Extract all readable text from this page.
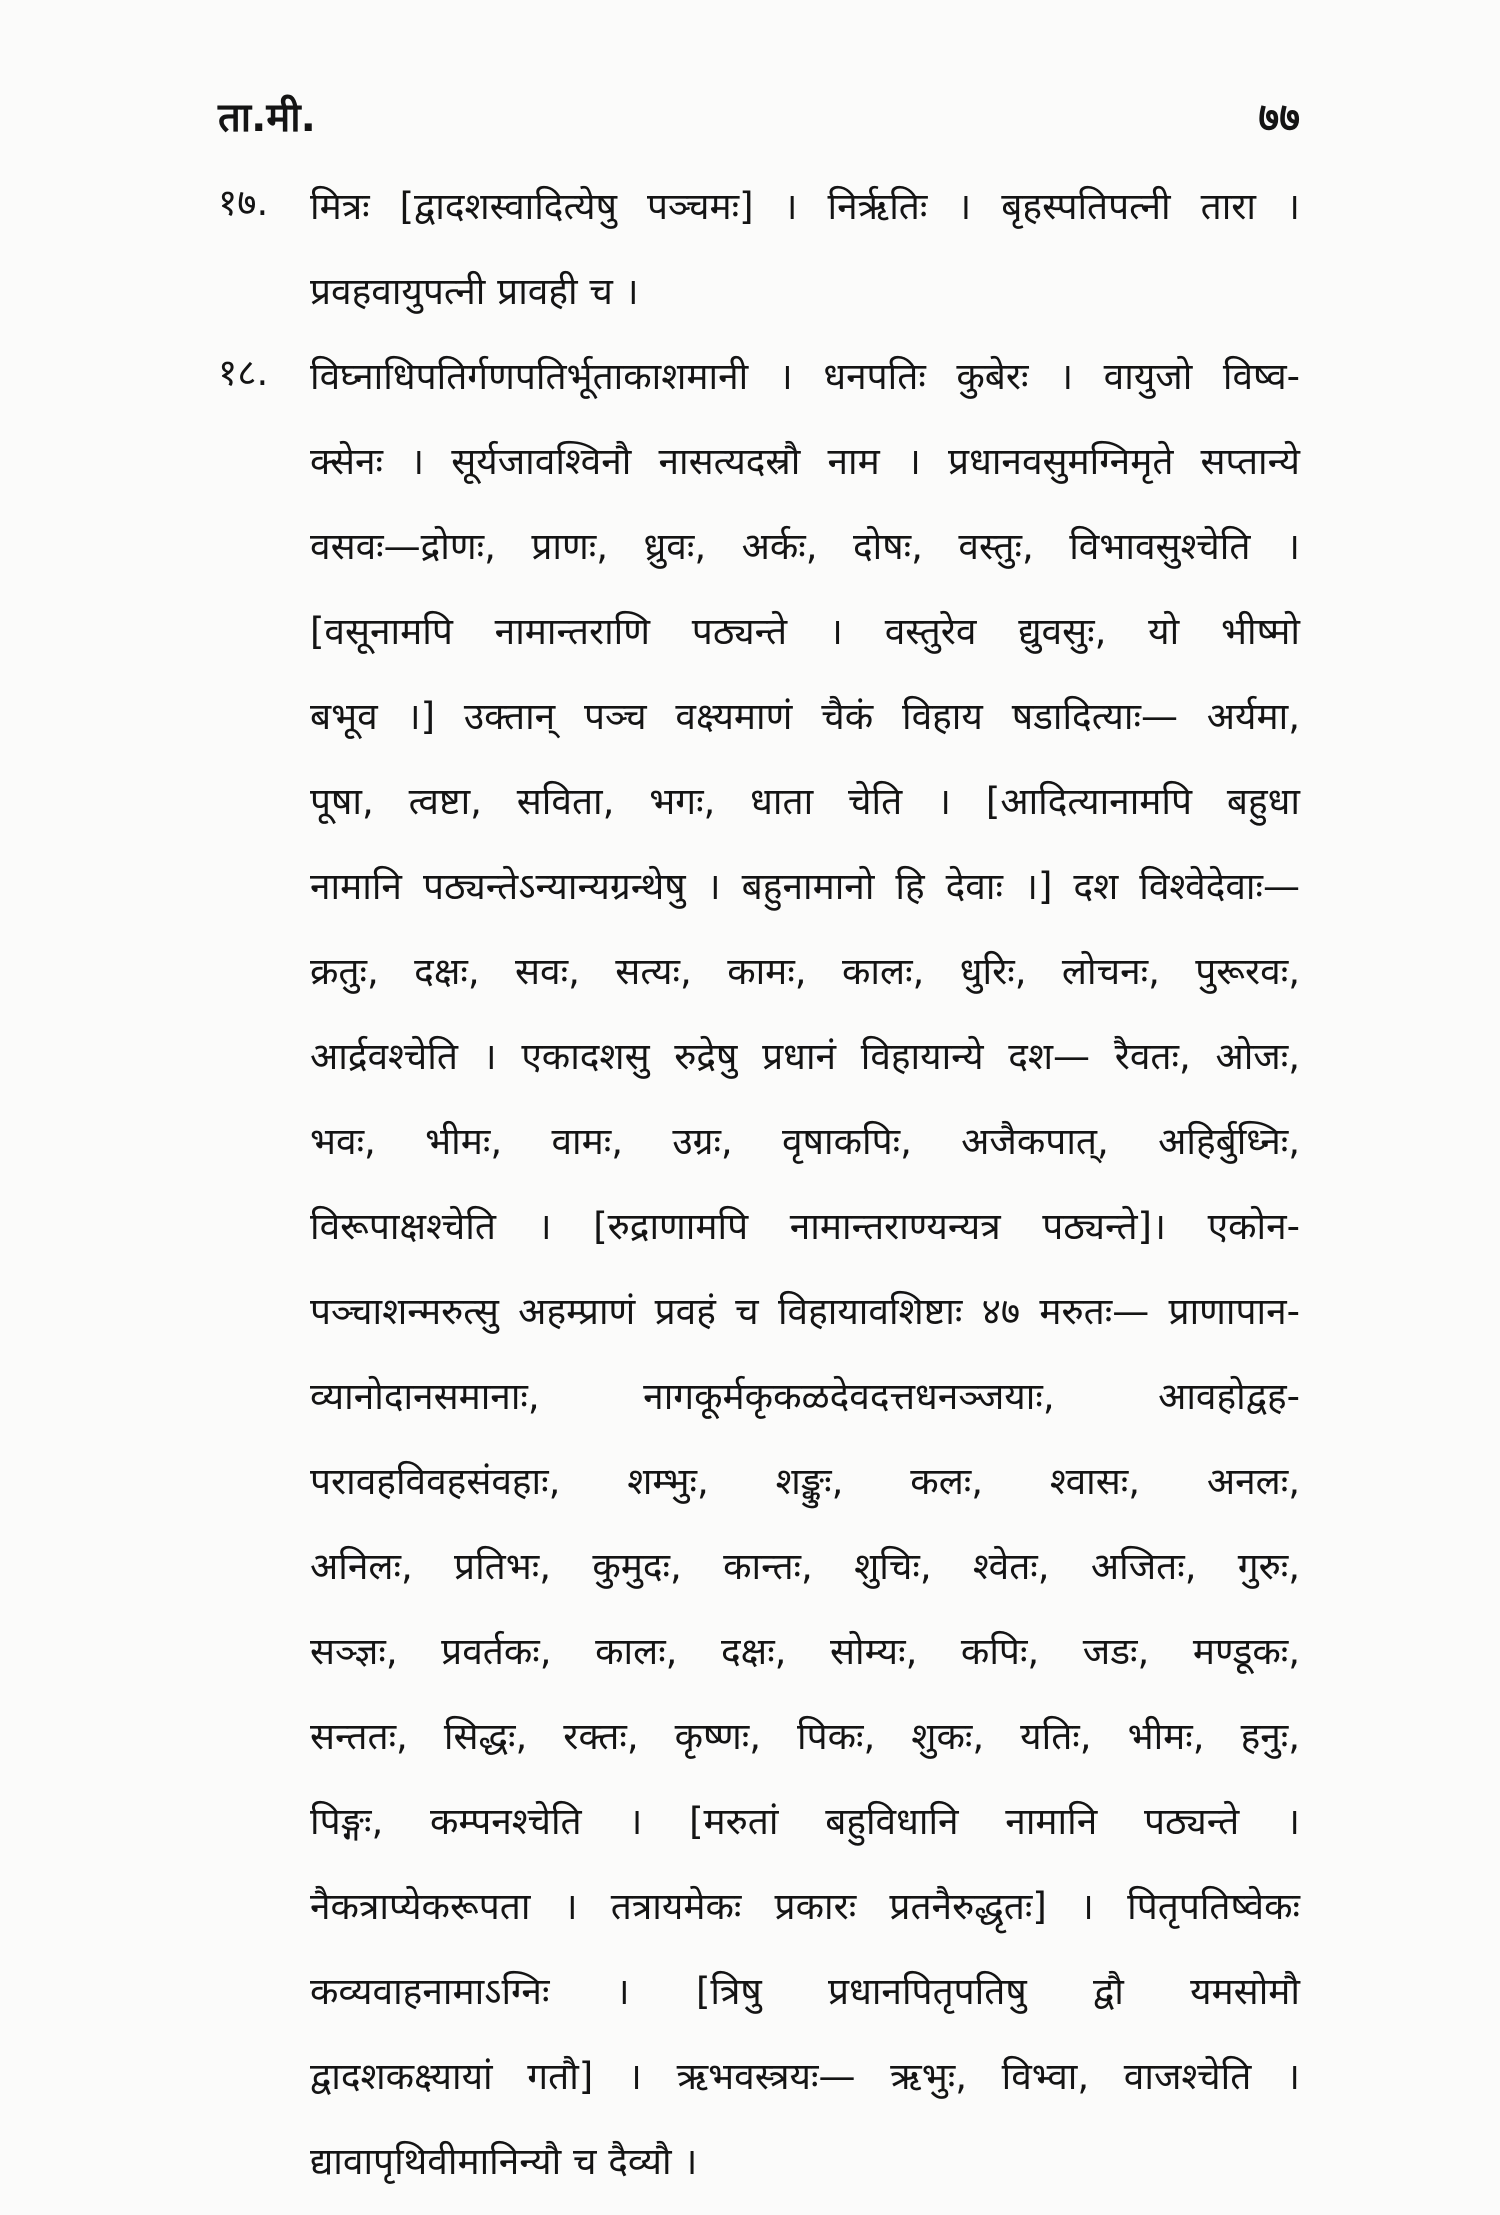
ता.मी.	७७
१७. मित्रः [द्वादशस्वादित्येषु पञ्चमः] । निरृतिः । बृहस्पतिपत्नी तारा ।
प्रवहवायुपत्नी प्रावही च ।
१८. विघ्नाधिपतिर्गणपतिर्भूताकाशमानी । धनपतिः कुबेरः । वायुजो विष्व-
क्सेनः । सूर्यजावश्विनौ नासत्यदस्रौ नाम । प्रधानवसुमग्निमृते सप्तान्ये
वसवः—द्रोणः, प्राणः, ध्रुवः, अर्कः, दोषः, वस्तुः, विभावसुश्चेति ।
[वसूनामपि नामान्तराणि पठ्यन्ते । वस्तुरेव द्युवसुः, यो भीष्मो
बभूव ।] उक्तान् पञ्च वक्ष्यमाणं चैकं विहाय षडादित्याः— अर्यमा,
पूषा, त्वष्टा, सविता, भगः, धाता चेति । [आदित्यानामपि बहुधा
नामानि पठ्यन्तेऽन्यान्यग्रन्थेषु । बहुनामानो हि देवाः ।] दश विश्वेदेवाः—
क्रतुः, दक्षः, सवः, सत्यः, कामः, कालः, धुरिः, लोचनः, पुरूरवः,
आर्द्रवश्चेति । एकादशसु रुद्रेषु प्रधानं विहायान्ये दश— रैवतः, ओजः,
भवः, भीमः, वामः, उग्रः, वृषाकपिः, अजैकपात्, अहिर्बुध्निः,
विरूपाक्षश्चेति । [रुद्राणामपि नामान्तराण्यन्यत्र पठ्यन्ते]। एकोन-
पञ्चाशन्मरुत्सु अहम्प्राणं प्रवहं च विहायावशिष्टाः ४७ मरुतः— प्राणापान-
व्यानोदानसमानाः, नागकूर्मकृकळदेवदत्तधनञ्जयाः, आवहोद्वह-
परावहविवहसंवहाः, शम्भुः, शङ्कुः, कलः, श्वासः, अनलः,
अनिलः, प्रतिभः, कुमुदः, कान्तः, शुचिः, श्वेतः, अजितः, गुरुः,
सञ्ज्ञः, प्रवर्तकः, कालः, दक्षः, सोम्यः, कपिः, जडः, मण्डूकः,
सन्ततः, सिद्धः, रक्तः, कृष्णः, पिकः, शुकः, यतिः, भीमः, हनुः,
पिङ्गः, कम्पनश्चेति । [मरुतां बहुविधानि नामानि पठ्यन्ते ।
नैकत्राप्येकरूपता । तत्रायमेकः प्रकारः प्रतनैरुद्धृतः] । पितृपतिष्वेकः
कव्यवाहनामाऽग्निः । [त्रिषु प्रधानपितृपतिषु द्वौ यमसोमौ
द्वादशकक्ष्यायां गतौ] । ऋभवस्त्रयः— ऋभुः, विभ्वा, वाजश्चेति ।
द्यावापृथिवीमानिन्यौ च दैव्यौ ।
